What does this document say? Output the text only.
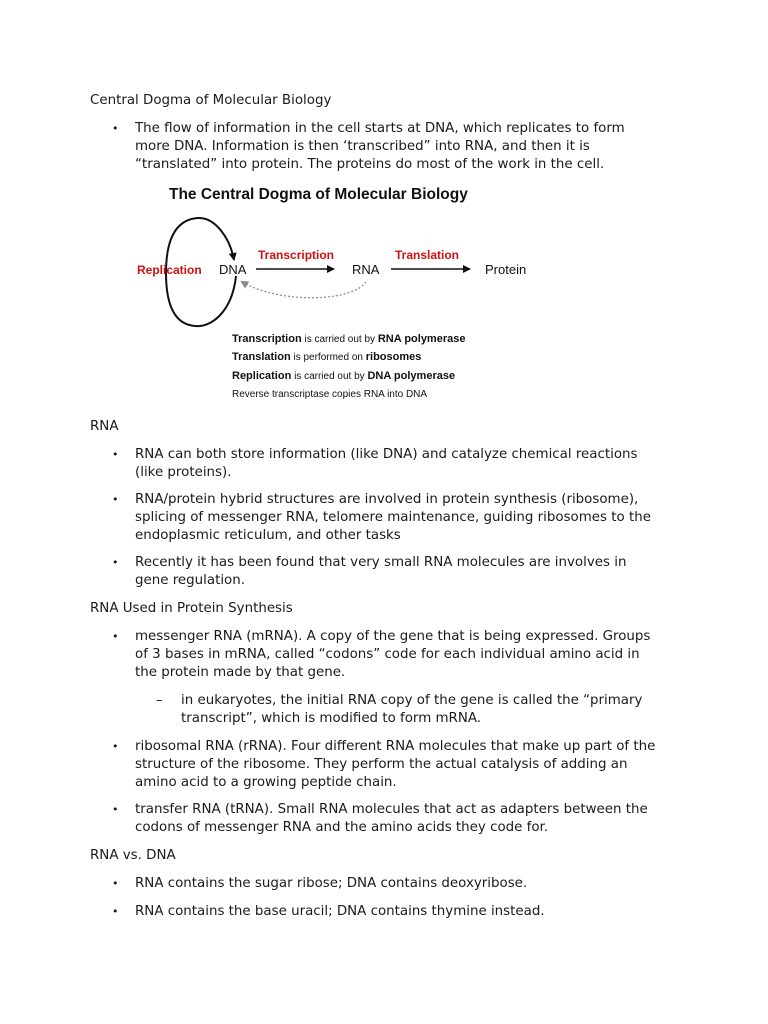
Central Dogma of Molecular Biology
•	The flow of information in the cell starts at DNA, which replicates to form
more DNA. Information is then ‘transcribed” into RNA, and then it is
“translated” into protein. The proteins do most of the work in the cell.
The Central Dogma of Molecular Biology
Replication DNA
Transcription
RNA
Translation
Protein
Transcription is carried out by RNA polymerase
Translation is performed on ribosomes
Replication is carried out by DNA polymerase
Reverse transcriptase copies RNA into DNA
RNA
•	RNA can both store information (like DNA) and catalyze chemical reactions
(like proteins).
•	RNA/protein hybrid structures are involved in protein synthesis (ribosome),
splicing of messenger RNA, telomere maintenance, guiding ribosomes to the
endoplasmic reticulum, and other tasks
•	Recently it has been found that very small RNA molecules are involves in
gene regulation.
RNA Used in Protein Synthesis
•	messenger RNA (mRNA). A copy of the gene that is being expressed. Groups
of 3 bases in mRNA, called “codons” code for each individual amino acid in
the protein made by that gene.
–	in eukaryotes, the initial RNA copy of the gene is called the “primary
transcript”, which is modified to form mRNA.
•	ribosomal RNA (rRNA). Four different RNA molecules that make up part of the
structure of the ribosome. They perform the actual catalysis of adding an
amino acid to a growing peptide chain.
•	transfer RNA (tRNA). Small RNA molecules that act as adapters between the
codons of messenger RNA and the amino acids they code for.
RNA vs. DNA
•	RNA contains the sugar ribose; DNA contains deoxyribose.
•	RNA contains the base uracil; DNA contains thymine instead.
